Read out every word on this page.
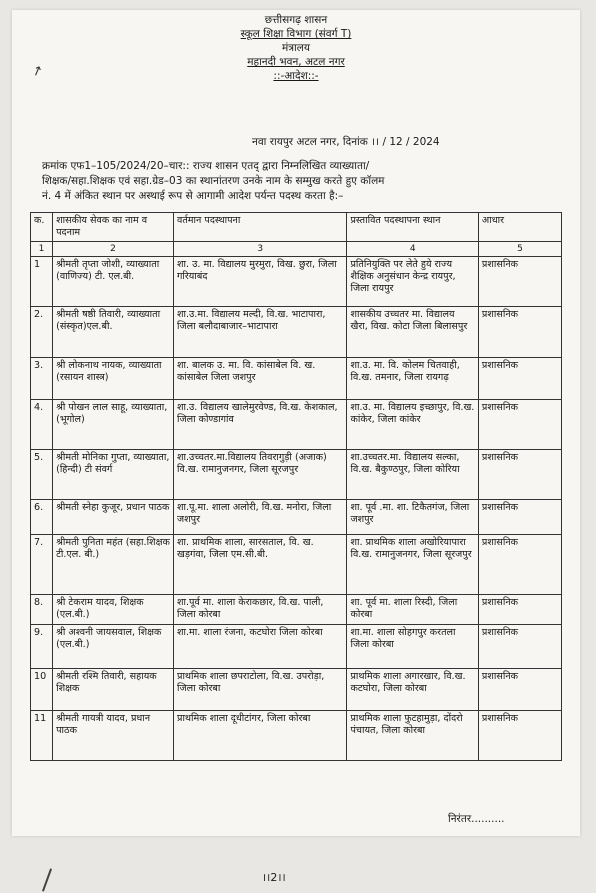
छत्तीसगढ़ शासन
स्कूल शिक्षा विभाग (संवर्ग T)
मंत्रालय
महानदी भवन, अटल नगर
::-आदेश::-
↗
नवा रायपुर अटल नगर, दिनांक ।। / 12 / 2024

क्रमांक एफ1–105/2024/20–चार:: राज्य शासन एतद् द्वारा निम्नलिखित व्याख्याता/

शिक्षक/सहा.शिक्षक एवं सहा.ग्रेड–03 का स्थानांतरण उनके नाम के सम्मुख करते हुए कॉलम

नं. 4 में अंकित स्थान पर अस्थाई रूप से आगामी आदेश पर्यन्त पदस्थ करता है:–

क.	शासकीय सेवक का नाम व पदनाम	वर्तमान पदस्थापना	प्रस्तावित पदस्थापना स्थान	आधार
1	2	3	4	5
1	श्रीमती तृप्ता जोशी, व्याख्याता (वाणिज्य) टी. एल.बी.	शा. उ. मा. विद्यालय मुरमुरा, विख. छुरा, जिला गरियाबंद	प्रतिनियुक्ति पर लेते हुये राज्य शैक्षिक अनुसंधान केन्द्र रायपुर, जिला रायपुर	प्रशासनिक
2.	श्रीमती षष्ठी तिवारी, व्याख्याता (संस्कृत)एल.बी.	शा.उ.मा. विद्यालय मल्दी, वि.ख. भाटापारा, जिला बलौदाबाजार–भाटापारा	शासकीय उच्चतर मा. विद्यालय खैरा, विख. कोटा जिला बिलासपुर	प्रशासनिक
3.	श्री लोकनाथ नायक, व्याख्याता (रसायन शास्त्र)	शा. बालक उ. मा. वि. कांसाबेल वि. ख. कांसाबेल जिला जशपुर	शा.उ. मा. वि. कोलम चितवाही, वि.ख. तमनार, जिला रायगढ़	प्रशासनिक
4.	श्री पोखन लाल साहू, व्याख्याता, (भूगोल)	शा.उ. विद्यालय खालेमुरवेण्ड, वि.ख. केशकाल, जिला कोण्डागांव	शा.उ. मा. विद्यालय इच्छापुर, वि.ख. कांकेर, जिला कांकेर	प्रशासनिक
5.	श्रीमती मोनिका गुप्ता, व्याख्याता, (हिन्दी) टी संवर्ग	शा.उच्चतर.मा.विद्यालय तिवरागुड़ी (अजाक) वि.ख. रामानुजनगर, जिला सूरजपुर	शा.उच्चतर.मा. विद्यालय सल्का, वि.ख. बैकुण्ठपुर, जिला कोरिया	प्रशासनिक
6.	श्रीमती स्नेहा कुजूर, प्रधान पाठक	शा.पू.मा. शाला अलोरी, वि.ख. मनोरा, जिला जशपुर	शा. पूर्व .मा. शा. टिकैतगंज, जिला जशपुर	प्रशासनिक
7.	श्रीमती पुनिता महंत (सहा.शिक्षक टी.एल. बी.)	शा. प्राथमिक शाला, सारसताल, वि. ख. खड़गंवा, जिला एम.सी.बी.	शा. प्राथमिक शाला अखोरियापारा वि.ख. रामानुजनगर, जिला सूरजपुर	प्रशासनिक
8.	श्री टेकराम यादव, शिक्षक (एल.बी.)	शा.पूर्व मा. शाला केराकछार, वि.ख. पाली, जिला कोरबा	शा. पूर्व मा. शाला रिस्दी, जिला कोरबा	प्रशासनिक
9.	श्री अश्वनी जायसवाल, शिक्षक (एल.बी.)	शा.मा. शाला रंजना, कटघोरा जिला कोरबा	शा.मा. शाला सोहगपुर करतला जिला कोरबा	प्रशासनिक
10	श्रीमती रश्मि तिवारी, सहायक शिक्षक	प्राथमिक शाला छपराटोला, वि.ख. उपरोड़ा, जिला कोरबा	प्राथमिक शाला अगारखार, वि.ख. कटघोरा, जिला कोरबा	प्रशासनिक
11	श्रीमती गायत्री यादव, प्रधान पाठक	प्राथमिक शाला दूधीटांगर, जिला कोरबा	प्राथमिक शाला फुटहामुड़ा, दोंदरो पंचायत, जिला कोरबा	प्रशासनिक
निरंतर..........
।।2।।
